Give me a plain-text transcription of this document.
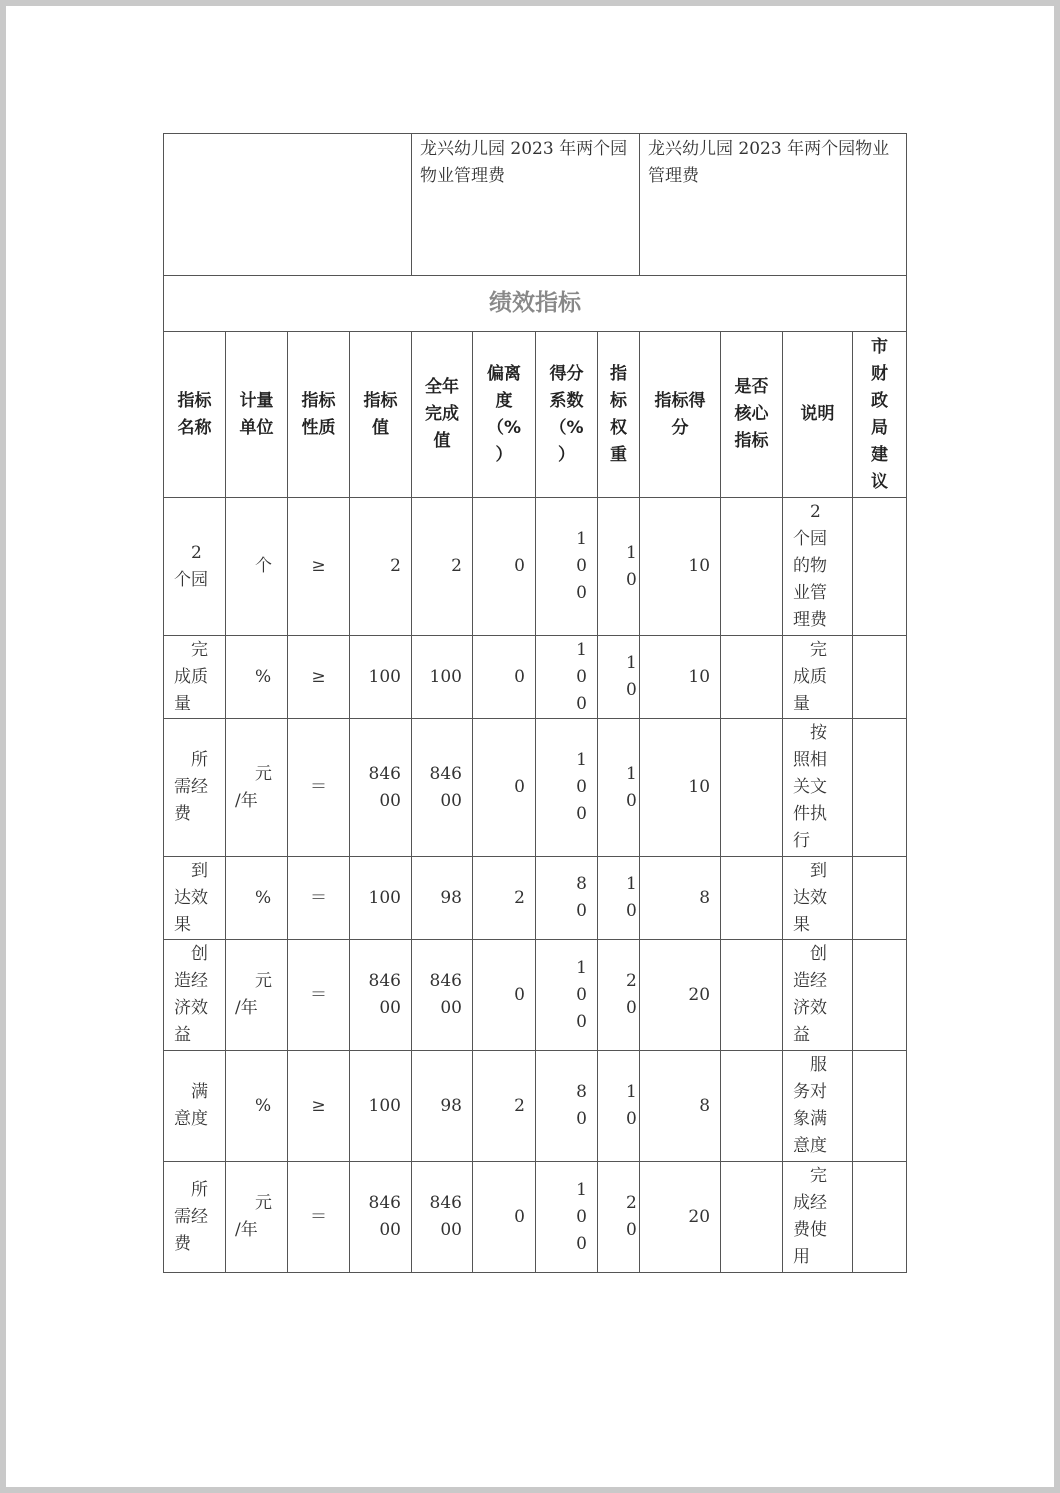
				龙兴幼儿园 2023 年两个园物业管理费				龙兴幼儿园 2023 年两个园物业管理费			
绩效指标											

指标名称	计量单位	指标性质	指标值	全年完成值	偏离度（%）	得分系数（%）	指标权重	指标得分	是否核心指标	说明	市财政局建议

2个园	个	≥	2	2	0	100	10	10		2个园的物业管理费	

完成质量	%	≥	100	100	0	100	10	10		完成质量	

所需经费	元/年	＝	84600	84600	0	100	10	10		按照相关文件执行	

到达效果	%	＝	100	98	2	80	10	8		到达效果	

创造经济效益	元/年	＝	84600	84600	0	100	20	20		创造经济效益	

满意度	%	≥	100	98	2	80	10	8		服务对象满意度	

所需经费	元/年	＝	84600	84600	0	100	20	20		完成经费使用	
